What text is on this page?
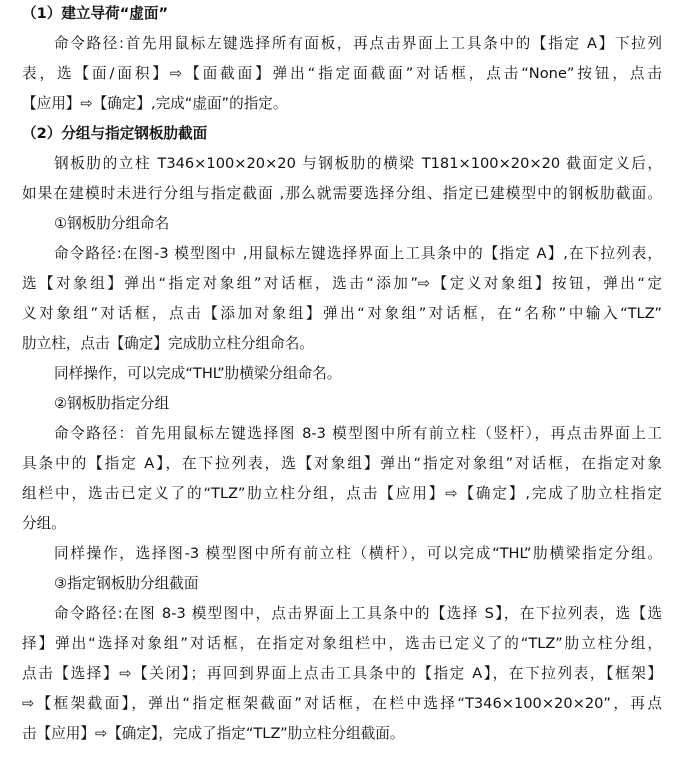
（1）建立导荷“虚面”
命令路径:首先用鼠标左键选择所有面板，再点击界面上工具条中的【指定 A】下拉列
表，选【面/面积】⇨【面截面】弹出“指定面截面”对话框，点击“None”按钮，点击
【应用】⇨【确定】,完成“虚面”的指定。
（2）分组与指定钢板肋截面
钢板肋的立柱 T346×100×20×20 与钢板肋的横梁 T181×100×20×20 截面定义后，
如果在建模时未进行分组与指定截面 ,那么就需要选择分组、指定已建模型中的钢板肋截面。
①钢板肋分组命名
命令路径:在图-3 模型图中 ,用鼠标左键选择界面上工具条中的【指定 A】,在下拉列表，
选【对象组】弹出“指定对象组”对话框，选击“添加”⇨【定义对象组】按钮，弹出“定
义对象组”对话框，点击【添加对象组】弹出“对象组”对话框，在“名称”中输入“TLZ”
肋立柱，点击【确定】完成肋立柱分组命名。
同样操作，可以完成“THL”肋横梁分组命名。
②钢板肋指定分组
命令路径：首先用鼠标左键选择图 8-3 模型图中所有前立柱（竖杆），再点击界面上工
具条中的【指定 A】，在下拉列表，选【对象组】弹出“指定对象组”对话框，在指定对象
组栏中，选击已定义了的“TLZ”肋立柱分组，点击【应用】⇨【确定】,完成了肋立柱指定
分组。
同样操作，选择图-3 模型图中所有前立柱（横杆），可以完成“THL”肋横梁指定分组。
③指定钢板肋分组截面
命令路径:在图 8-3 模型图中，点击界面上工具条中的【选择 S】，在下拉列表，选【选
择】弹出“选择对象组”对话框，在指定对象组栏中，选击已定义了的“TLZ”肋立柱分组，
点击【选择】⇨【关闭】；再回到界面上点击工具条中的【指定 A】，在下拉列表，【框架】
⇨【框架截面】，弹出“指定框架截面”对话框，在栏中选择“T346×100×20×20”，再点
击【应用】⇨【确定】，完成了指定“TLZ”肋立柱分组截面。
